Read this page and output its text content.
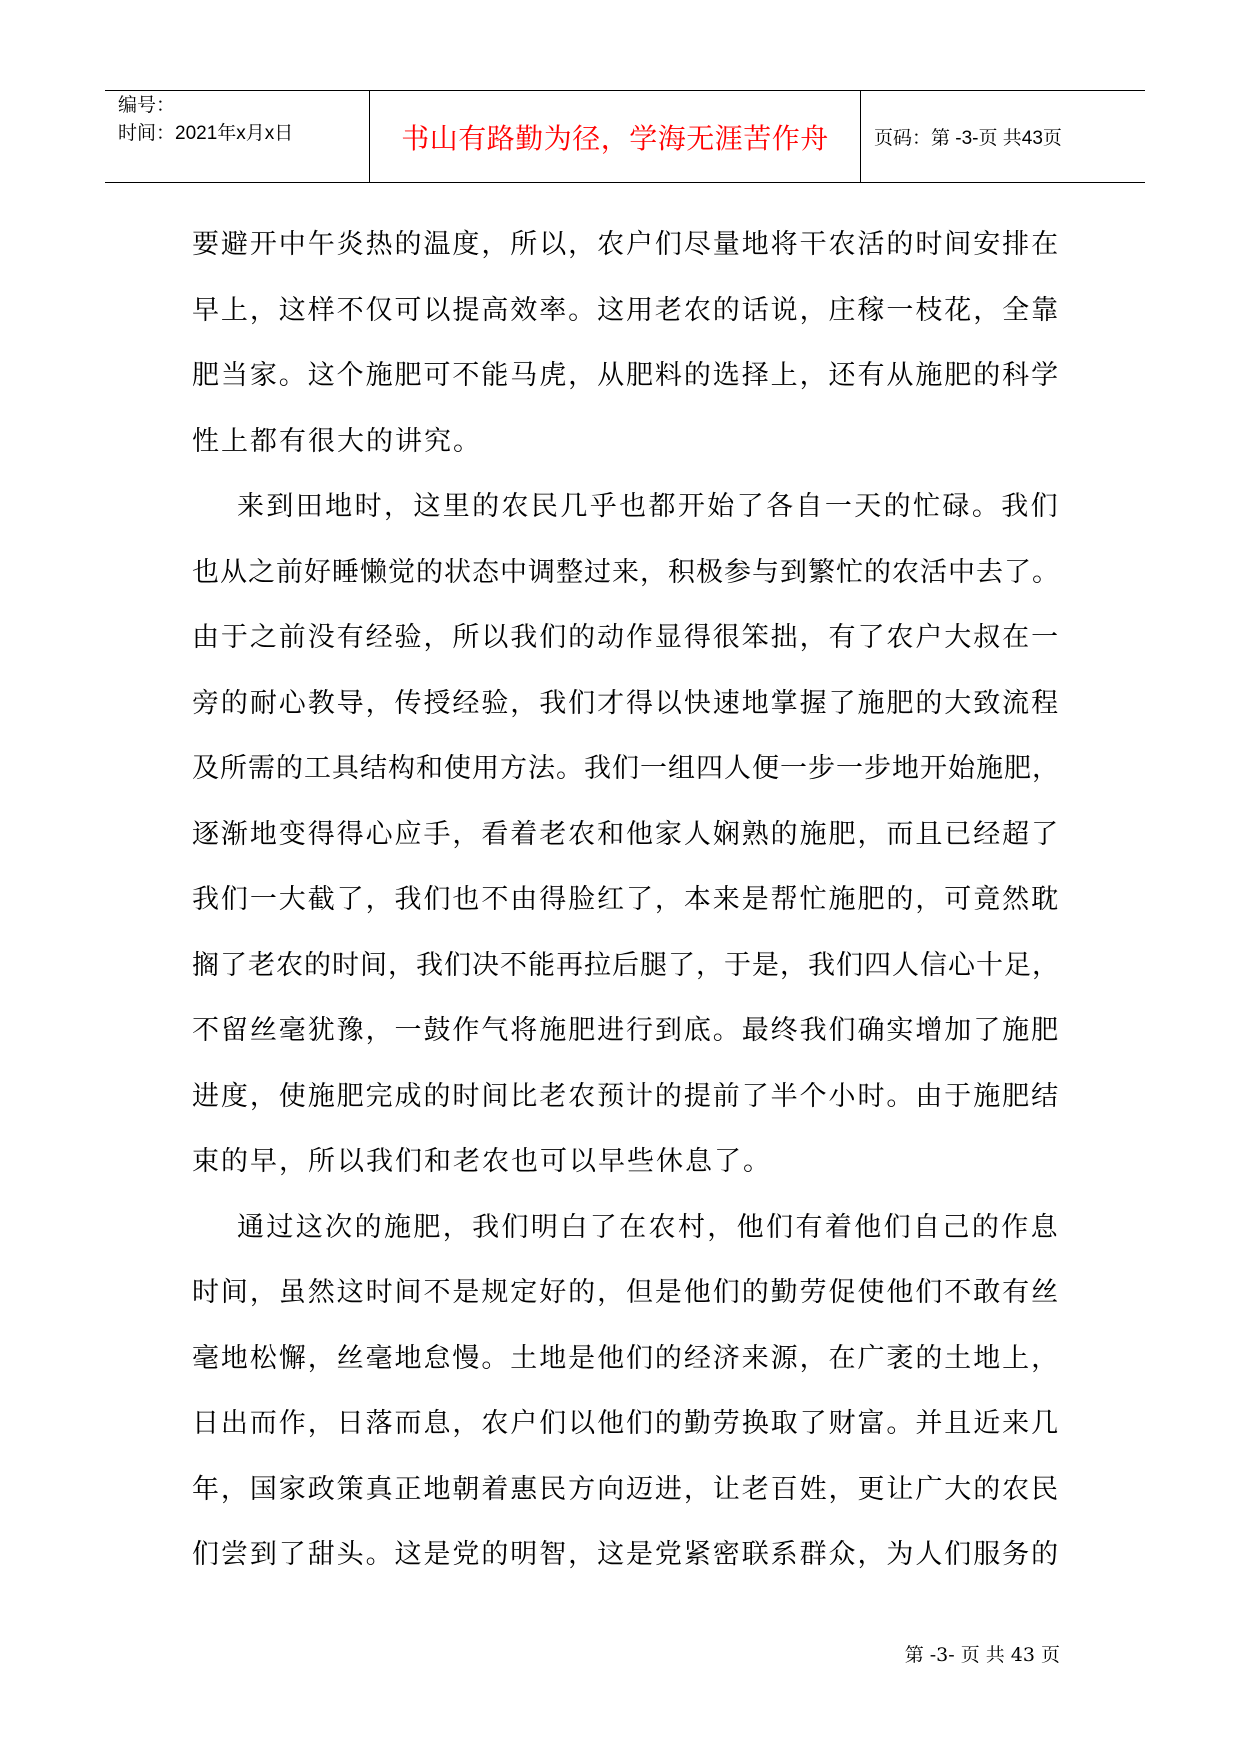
编号：
时间：2021年x月x日	书山有路勤为径，学海无涯苦作舟	页码：第 -3-页 共43页
要避开中午炎热的温度，所以，农户们尽量地将干农活的时间安排在
早上，这样不仅可以提高效率。这用老农的话说，庄稼一枝花，全靠
肥当家。这个施肥可不能马虎，从肥料的选择上，还有从施肥的科学
性上都有很大的讲究。
来到田地时，这里的农民几乎也都开始了各自一天的忙碌。我们
也从之前好睡懒觉的状态中调整过来，积极参与到繁忙的农活中去了。
由于之前没有经验，所以我们的动作显得很笨拙，有了农户大叔在一
旁的耐心教导，传授经验，我们才得以快速地掌握了施肥的大致流程
及所需的工具结构和使用方法。我们一组四人便一步一步地开始施肥，
逐渐地变得得心应手，看着老农和他家人娴熟的施肥，而且已经超了
我们一大截了，我们也不由得脸红了，本来是帮忙施肥的，可竟然耽
搁了老农的时间，我们决不能再拉后腿了，于是，我们四人信心十足，
不留丝毫犹豫，一鼓作气将施肥进行到底。最终我们确实增加了施肥
进度，使施肥完成的时间比老农预计的提前了半个小时。由于施肥结
束的早，所以我们和老农也可以早些休息了。
通过这次的施肥，我们明白了在农村，他们有着他们自己的作息
时间，虽然这时间不是规定好的，但是他们的勤劳促使他们不敢有丝
毫地松懈，丝毫地怠慢。土地是他们的经济来源，在广袤的土地上，
日出而作，日落而息，农户们以他们的勤劳换取了财富。并且近来几
年，国家政策真正地朝着惠民方向迈进，让老百姓，更让广大的农民
们尝到了甜头。这是党的明智，这是党紧密联系群众，为人们服务的
第 -3- 页 共 43 页
